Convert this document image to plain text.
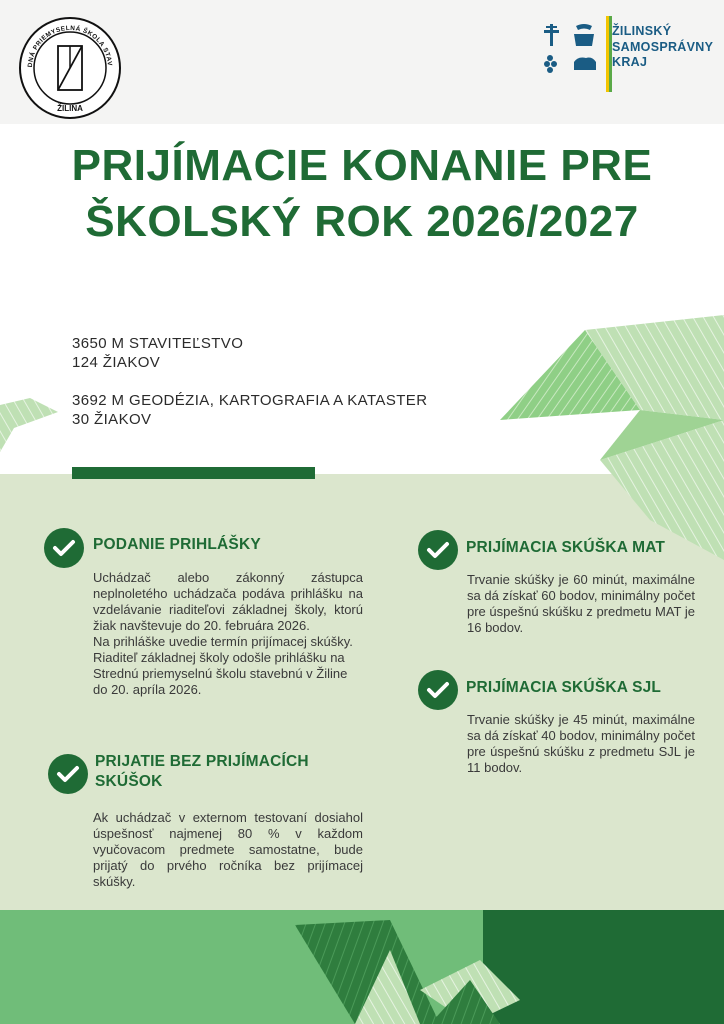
DNÁ PRIEMYSELNÁ ŠKOLA STAV
ŽILINA
ŽILINSKÝ
SAMOSPRÁVNY
KRAJ
PRIJÍMACIE KONANIE PRE
ŠKOLSKÝ ROK 2026/2027
3650 M STAVITEĽSTVO
124 ŽIAKOV
3692 M GEODÉZIA, KARTOGRAFIA A KATASTER
30 ŽIAKOV
PODANIE PRIHLÁŠKY
Uchádzač alebo zákonný zástupca neplnoletého uchádzača podáva prihlášku na vzdelávanie riaditeľovi základnej školy, ktorú žiak navštevuje do 20. februára 2026.
Na prihláške uvedie termín prijímacej skúšky.
Riaditeľ základnej školy odošle prihlášku na Strednú priemyselnú školu stavebnú v Žiline do 20. apríla 2026.
PRIJATIE BEZ PRIJÍMACÍCH
SKÚŠOK
Ak uchádzač v externom testovaní dosiahol úspešnosť najmenej 80 % v každom vyučovacom predmete samostatne, bude prijatý do prvého ročníka bez prijímacej skúšky.
PRIJÍMACIA SKÚŠKA MAT
Trvanie skúšky je 60 minút, maximálne sa dá získať 60 bodov, minimálny počet pre úspešnú skúšku z predmetu MAT je 16 bodov.
PRIJÍMACIA SKÚŠKA SJL
Trvanie skúšky je 45 minút, maximálne sa dá získať 40 bodov, minimálny počet pre úspešnú skúšku z predmetu SJL je 11 bodov.
